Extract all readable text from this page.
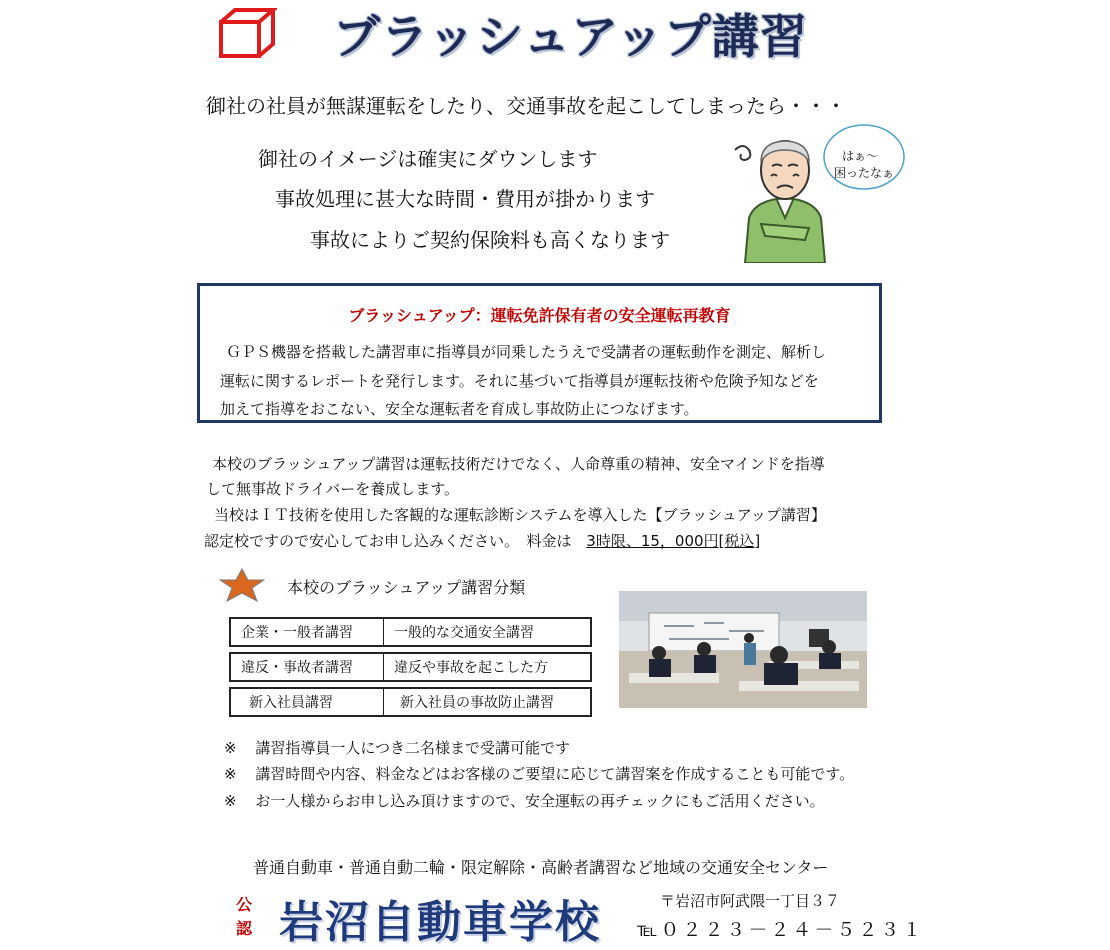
ブラッシュアップ講習
御社の社員が無謀運転をしたり、交通事故を起こしてしまったら・・・
御社のイメージは確実にダウンします
事故処理に甚大な時間・費用が掛かります
事故によりご契約保険料も高くなります
はぁ～
困ったなぁ
ブラッシュアップ：運転免許保有者の安全運転再教育
ＧＰＳ機器を搭載した講習車に指導員が同乗したうえで受講者の運転動作を測定、解析し
運転に関するレポートを発行します。それに基づいて指導員が運転技術や危険予知などを
加えて指導をおこない、安全な運転者を育成し事故防止につなげます。
本校のブラッシュアップ講習は運転技術だけでなく、人命尊重の精神、安全マインドを指導
して無事故ドライバーを養成します。
当校はＩＴ技術を使用した客観的な運転診断システムを導入した【ブラッシュアップ講習】
認定校ですので安心してお申し込みください。　料金は 3時限、15，000円[税込]
本校のブラッシュアップ講習分類
企業・一般者講習	一般的な交通安全講習
違反・事故者講習	違反や事故を起こした方
新入社員講習	新入社員の事故防止講習
※ 講習指導員一人につき二名様まで受講可能です
※ 講習時間や内容、料金などはお客様のご要望に応じて講習案を作成することも可能です。
※ お一人様からお申し込み頂けますので、安全運転の再チェックにもご活用ください。
普通自動車・普通自動二輪・限定解除・高齢者講習など地域の交通安全センター
公
認 岩沼自動車学校	〒岩沼市阿武隈一丁目３７
℡０２２３－２４－５２３１
